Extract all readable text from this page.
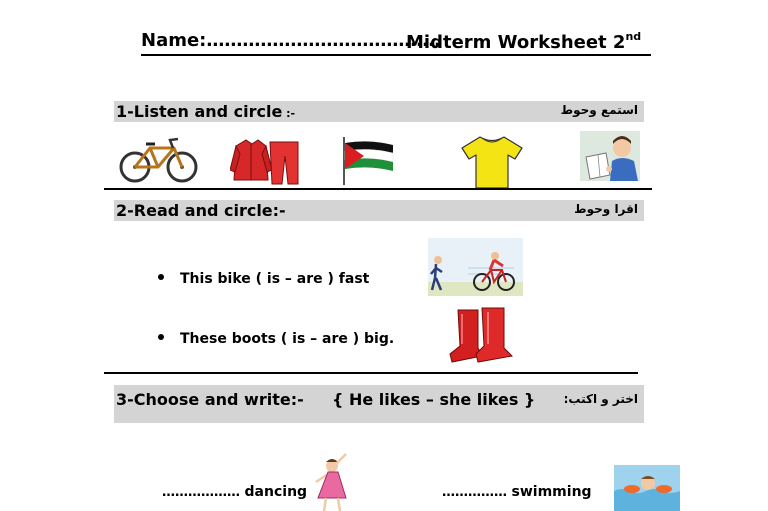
Name:…………………………………
Midterm Worksheet 2nd
1-Listen and circle :-	استمع وحوط
2-Read and circle:-	اقرا وحوط
This bike ( is – are ) fast
These boots ( is – are ) big.
3-Choose and write:- { He likes – she likes } اختر و اكتب:
……………… dancing	…………… swimming
